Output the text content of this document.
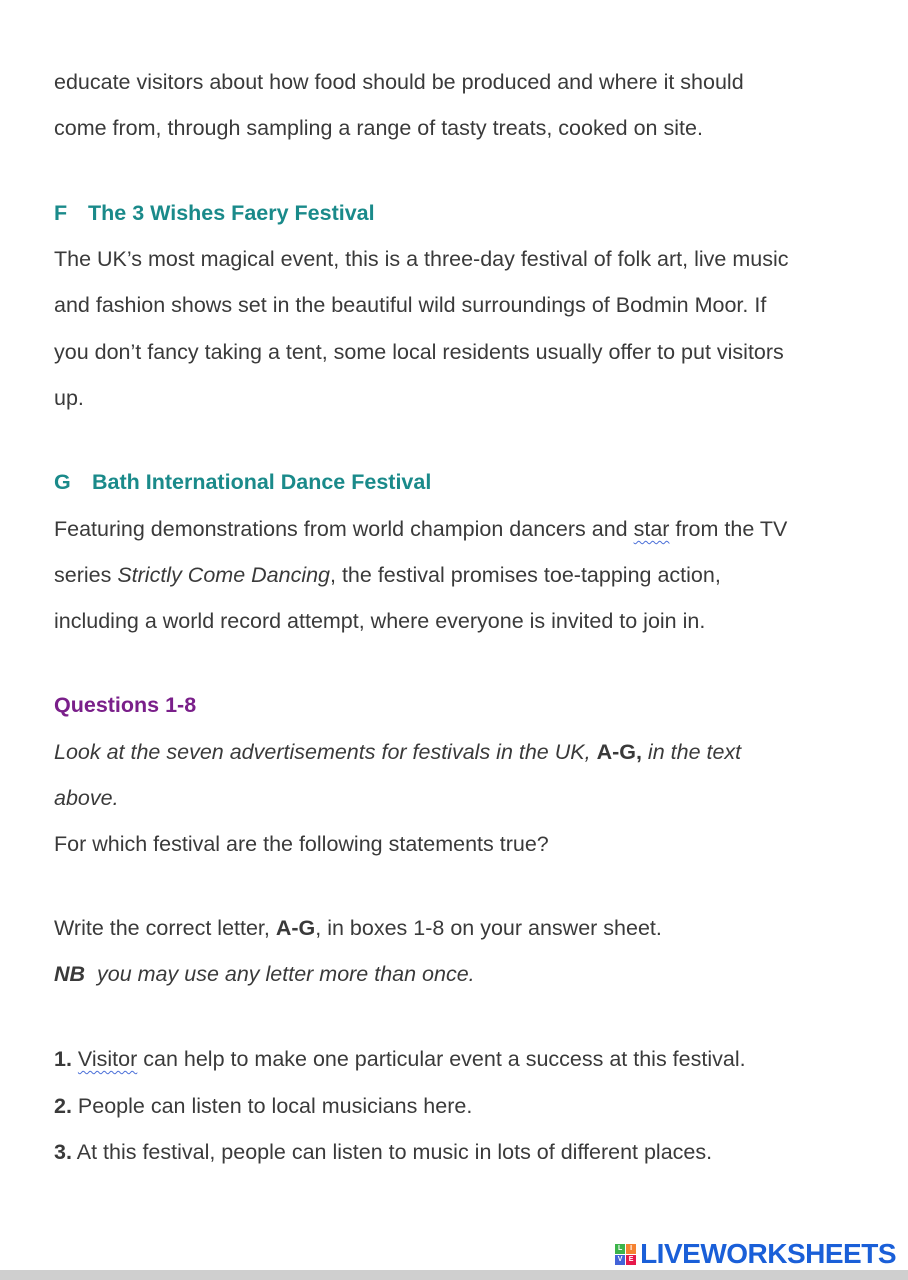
educate visitors about how food should be produced and where it should
come from, through sampling a range of tasty treats, cooked on site.
F The 3 Wishes Faery Festival
The UK’s most magical event, this is a three-day festival of folk art, live music
and fashion shows set in the beautiful wild surroundings of Bodmin Moor. If
you don’t fancy taking a tent, some local residents usually offer to put visitors
up.
G Bath International Dance Festival
Featuring demonstrations from world champion dancers and star from the TV
series Strictly Come Dancing, the festival promises toe-tapping action,
including a world record attempt, where everyone is invited to join in.
Questions 1-8
Look at the seven advertisements for festivals in the UK, A-G, in the text
above.
For which festival are the following statements true?
Write the correct letter, A-G, in boxes 1-8 on your answer sheet.
NB  you may use any letter more than once.
1. Visitor can help to make one particular event a success at this festival.
2. People can listen to local musicians here.
3. At this festival, people can listen to music in lots of different places.
L	I
V E LIVEWORKSHEETS
